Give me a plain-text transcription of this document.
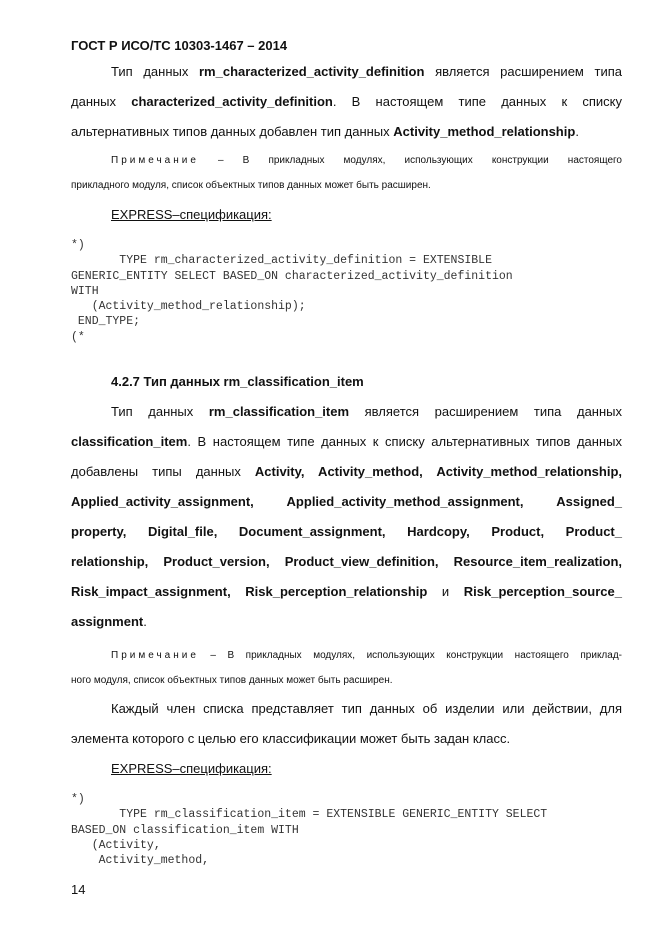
ГОСТ Р ИСО/ТС 10303-1467 – 2014
Тип данных rm_characterized_activity_definition является расширением типа
данных characterized_activity_definition. В настоящем типе данных к списку
альтернативных типов данных добавлен тип данных Activity_method_relationship.
Примечание – В прикладных модулях, использующих конструкции настоящего
прикладного модуля, список объектных типов данных может быть расширен.
EXPRESS–спецификация:
*)
TYPE rm_characterized_activity_definition = EXTENSIBLE
GENERIC_ENTITY SELECT BASED_ON characterized_activity_definition
WITH
(Activity_method_relationship);
END_TYPE;
(*
4.2.7 Тип данных rm_classification_item
Тип данных rm_classification_item является расширением типа данных
classification_item. В настоящем типе данных к списку альтернативных типов данных
добавлены типы данных Activity, Activity_method, Activity_method_relationship,
Applied_activity_assignment, Applied_activity_method_assignment, Assigned_
property, Digital_file, Document_assignment, Hardcopy, Product, Product_
relationship, Product_version, Product_view_definition, Resource_item_realization,
Risk_impact_assignment, Risk_perception_relationship и Risk_perception_source_
assignment.
Примечание – В прикладных модулях, использующих конструкции настоящего приклад-
ного модуля, список объектных типов данных может быть расширен.
Каждый член списка представляет тип данных об изделии или действии, для
элемента которого с целью его классификации может быть задан класс.
EXPRESS–спецификация:
*)
TYPE rm_classification_item = EXTENSIBLE GENERIC_ENTITY SELECT
BASED_ON classification_item WITH
(Activity,
Activity_method,
14
